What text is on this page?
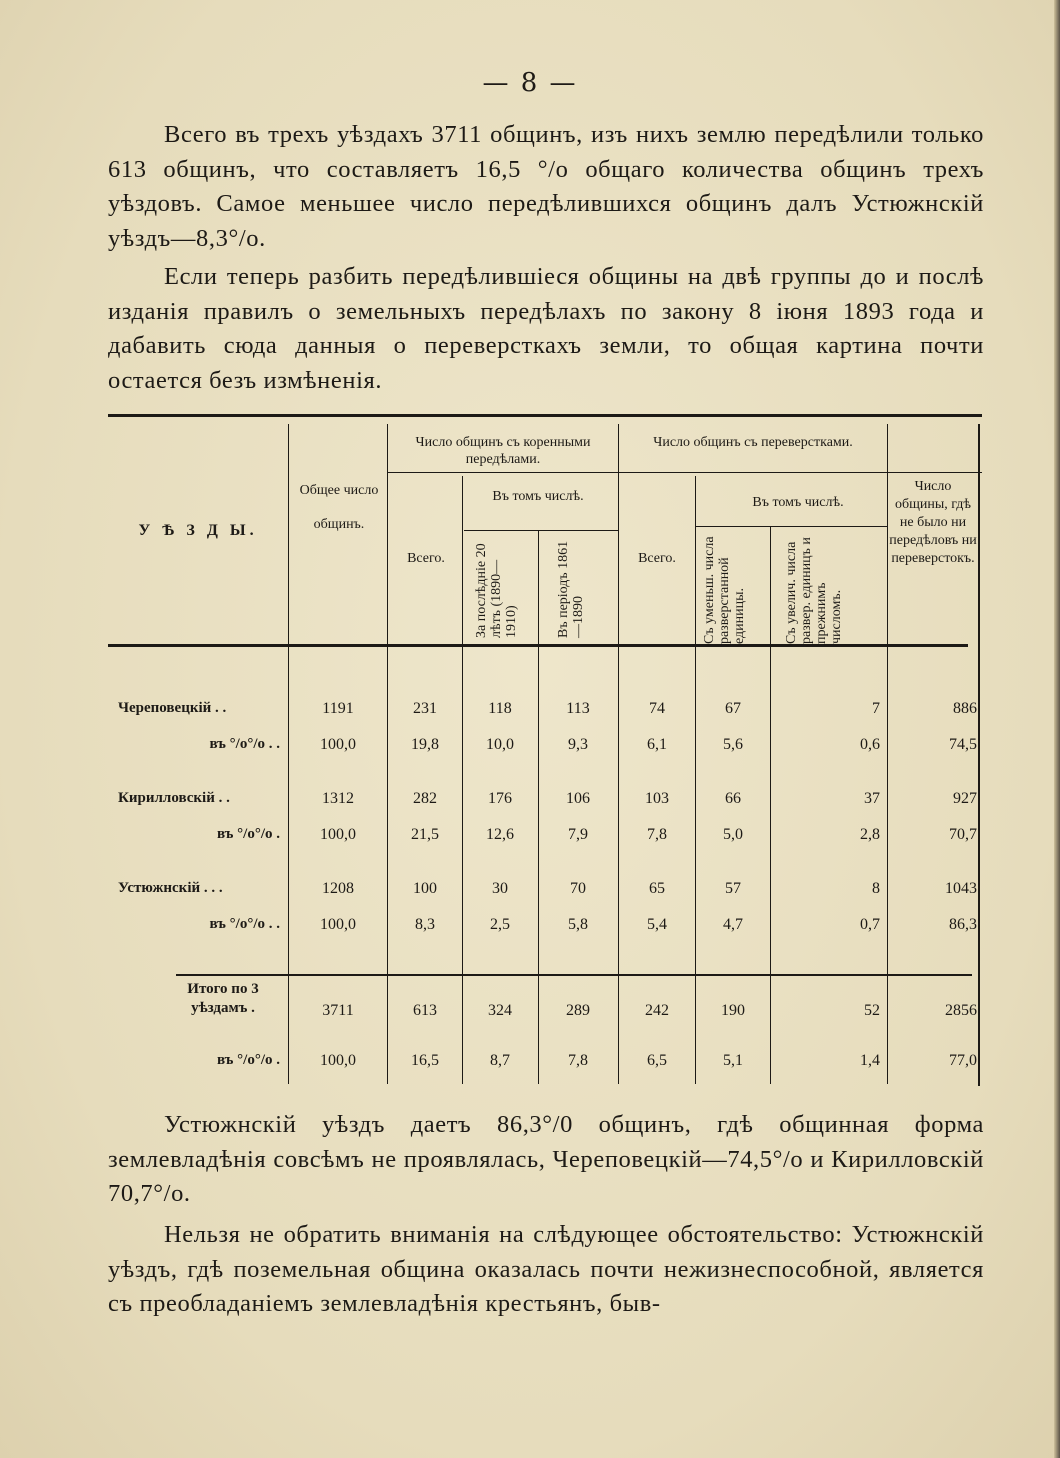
— 8 —
Всего въ трехъ уѣздахъ 3711 общинъ, изъ нихъ землю передѣлили только 613 общинъ, что составляетъ 16,5 °/o общаго количества общинъ трехъ уѣздовъ. Самое меньшее число передѣлившихся общинъ далъ Устюжнскій уѣздъ—8,3°/o.
Если теперь разбить передѣлившіеся общины на двѣ группы до и послѣ изданія правилъ о земельныхъ передѣлахъ по закону 8 іюня 1893 года и дабавить сюда данныя о переверсткахъ земли, то общая картина почти остается безъ измѣненія.
У Ѣ З Д Ы.
Общее число общинъ.
Число общинъ съ коренными передѣлами.
Въ томъ числѣ.
Всего.	За послѣдніе 20 лѣтъ (1890—1910)	Въ періодъ 1861—1890
Число общинъ съ переверстками.
Въ томъ числѣ.
Всего.	Съ уменьш. числа разверстанной единицы.	Съ увелич. числа развер. единицъ и прежнимъ числомъ.
Число общины, гдѣ не было ни передѣловъ ни переверстокъ.
Череповецкій . .	1191	231	118	113	74	67	7	886
въ °/o°/o . .	100,0	19,8	10,0	9,3	6,1	5,6	0,6	74,5
Кирилловскій . .	1312	282	176	106	103	66	37	927
въ °/o°/o .	100,0	21,5	12,6	7,9	7,8	5,0	2,8	70,7
Устюжнскій . . .	1208	100	30	70	65	57	8	1043
въ °/o°/o . .	100,0	8,3	2,5	5,8	5,4	4,7	0,7	86,3
Итого по 3 уѣздамъ .	3711	613	324	289	242	190	52	2856
въ °/o°/o .	100,0	16,5	8,7	7,8	6,5	5,1	1,4	77,0
Устюжнскій уѣздъ даетъ 86,3°/0 общинъ, гдѣ общинная форма землевладѣнія совсѣмъ не проявлялась, Череповецкій—74,5°/o и Кирилловскій 70,7°/o.
Нельзя не обратить вниманія на слѣдующее обстоятельство: Устюжнскій уѣздъ, гдѣ поземельная община оказалась почти нежизнеспособной, является съ преобладаніемъ землевладѣнія крестьянъ, быв-
